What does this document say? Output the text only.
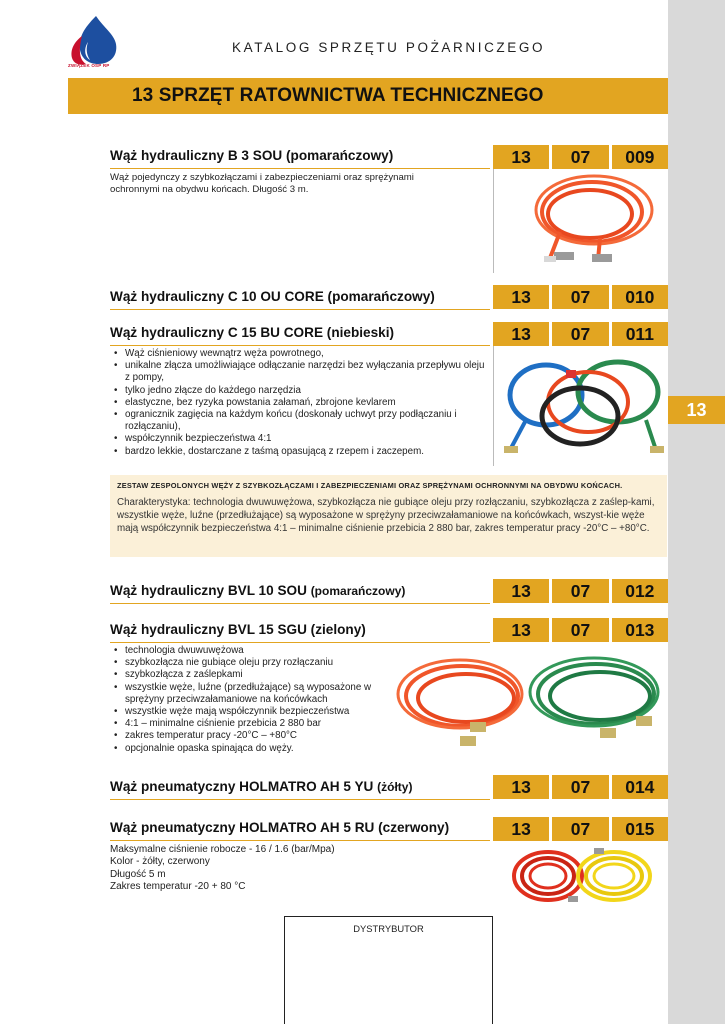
13
ZWIĄZEK OSP RP
KATALOG SPRZĘTU POŻARNICZEGO
13 SPRZĘT RATOWNICTWA TECHNICZNEGO
Wąż hydrauliczny B 3 SOU (pomarańczowy)	13	07	009
Wąż pojedynczy z szybkozłączami i zabezpieczeniami oraz sprężynami
ochronnymi na obydwu końcach. Długość 3 m.
Wąż hydrauliczny C 10 OU CORE (pomarańczowy)	13	07	010
Wąż hydrauliczny C 15 BU CORE (niebieski)	13	07	011
• Wąż ciśnieniowy wewnątrz węża powrotnego,
• unikalne złącza umożliwiające odłączanie narzędzi bez wyłączania przepływu oleju z pompy,
• tylko jedno złącze do każdego narzędzia
• elastyczne, bez ryzyka powstania załamań, zbrojone kevlarem
• ogranicznik zagięcia na każdym końcu (doskonały uchwyt przy podłączaniu i rozłączaniu),
• współczynnik bezpieczeństwa 4:1
• bardzo lekkie, dostarczane z taśmą opasującą z rzepem i zaczepem.
ZESTAW ZESPOLONYCH WĘŻY Z SZYBKOZŁĄCZAMI I ZABEZPIECZENIAMI ORAZ SPRĘŻYNAMI OCHRONNYMI NA OBYDWU KOŃCACH.
Charakterystyka: technologia dwuwuwężowa, szybkozłącza nie gubiące oleju przy rozłączaniu, szybkozłącza z zaślep-kami, wszystkie węże, luźne (przedłużające) są wyposażone w sprężyny przeciwzałamaniowe na końcówkach, wszyst-kie węże mają współczynnik bezpieczeństwa 4:1 – minimalne ciśnienie przebicia 2 880 bar, zakres temperatur pracy -20°C – +80°C.
Wąż hydrauliczny BVL 10 SOU (pomarańczowy)	13	07	012
Wąż hydrauliczny BVL 15 SGU (zielony)	13	07	013
• technologia dwuwuwężowa
• szybkozłącza nie gubiące oleju przy rozłączaniu
• szybkozłącza z zaślepkami
• wszystkie węże, luźne (przedłużające) są wyposażone w sprężyny przeciwzałamaniowe na końcówkach
• wszystkie węże mają współczynnik bezpieczeństwa
• 4:1 – minimalne ciśnienie przebicia 2 880 bar
• zakres temperatur pracy -20°C – +80°C
• opcjonalnie opaska spinająca do węży.
Wąż pneumatyczny HOLMATRO AH 5 YU (żółty)	13	07	014
Wąż pneumatyczny HOLMATRO AH 5 RU (czerwony)	13	07	015
Maksymalne ciśnienie robocze - 16 / 1.6 (bar/Mpa)
Kolor - żółty, czerwony
Długość 5 m
Zakres temperatur -20 + 80 °C
DYSTRYBUTOR
